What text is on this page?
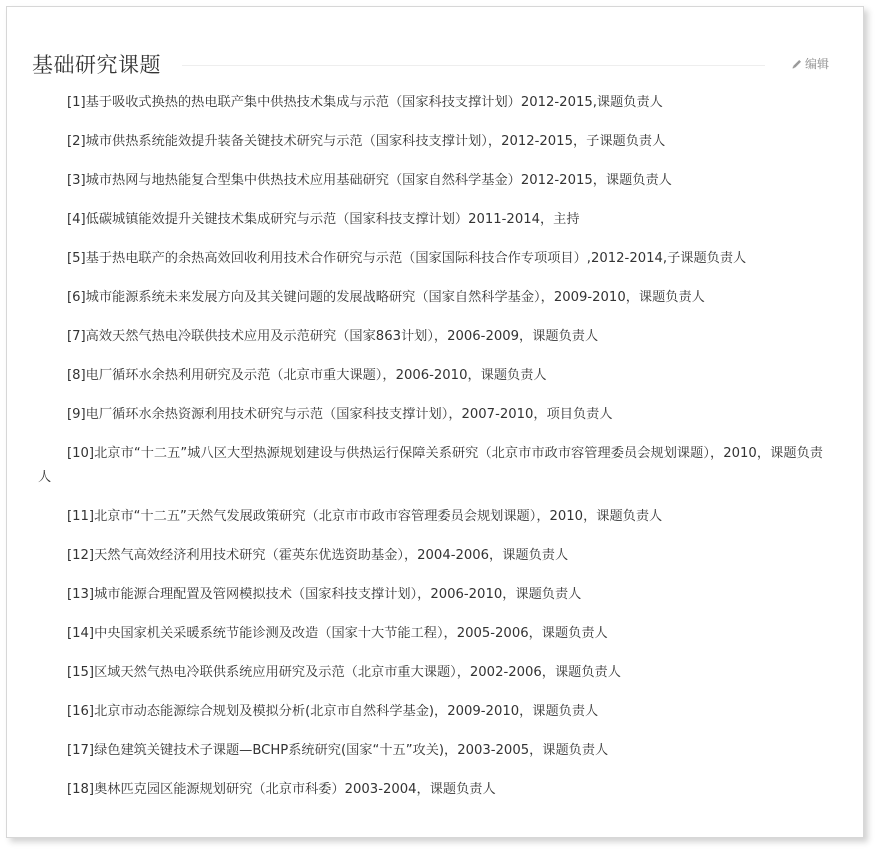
基础研究课题	编辑
[1]基于吸收式换热的热电联产集中供热技术集成与示范（国家科技支撑计划）2012-2015,课题负责人
[2]城市供热系统能效提升装备关键技术研究与示范（国家科技支撑计划），2012-2015，子课题负责人
[3]城市热网与地热能复合型集中供热技术应用基础研究（国家自然科学基金）2012-2015，课题负责人
[4]低碳城镇能效提升关键技术集成研究与示范（国家科技支撑计划）2011-2014，主持
[5]基于热电联产的余热高效回收利用技术合作研究与示范（国家国际科技合作专项项目）,2012-2014,子课题负责人
[6]城市能源系统未来发展方向及其关键问题的发展战略研究（国家自然科学基金），2009-2010，课题负责人
[7]高效天然气热电冷联供技术应用及示范研究（国家863计划），2006-2009，课题负责人
[8]电厂循环水余热利用研究及示范（北京市重大课题），2006-2010，课题负责人
[9]电厂循环水余热资源利用技术研究与示范（国家科技支撑计划），2007-2010，项目负责人
[10]北京市“十二五”城八区大型热源规划建设与供热运行保障关系研究（北京市市政市容管理委员会规划课题），2010，课题负责人
[11]北京市“十二五”天然气发展政策研究（北京市市政市容管理委员会规划课题），2010，课题负责人
[12]天然气高效经济利用技术研究（霍英东优选资助基金），2004-2006，课题负责人
[13]城市能源合理配置及管网模拟技术（国家科技支撑计划），2006-2010，课题负责人
[14]中央国家机关采暖系统节能诊测及改造（国家十大节能工程），2005-2006，课题负责人
[15]区域天然气热电冷联供系统应用研究及示范（北京市重大课题），2002-2006，课题负责人
[16]北京市动态能源综合规划及模拟分析(北京市自然科学基金)，2009-2010，课题负责人
[17]绿色建筑关键技术子课题—BCHP系统研究(国家“十五”攻关)，2003-2005，课题负责人
[18]奥林匹克园区能源规划研究（北京市科委）2003-2004，课题负责人
